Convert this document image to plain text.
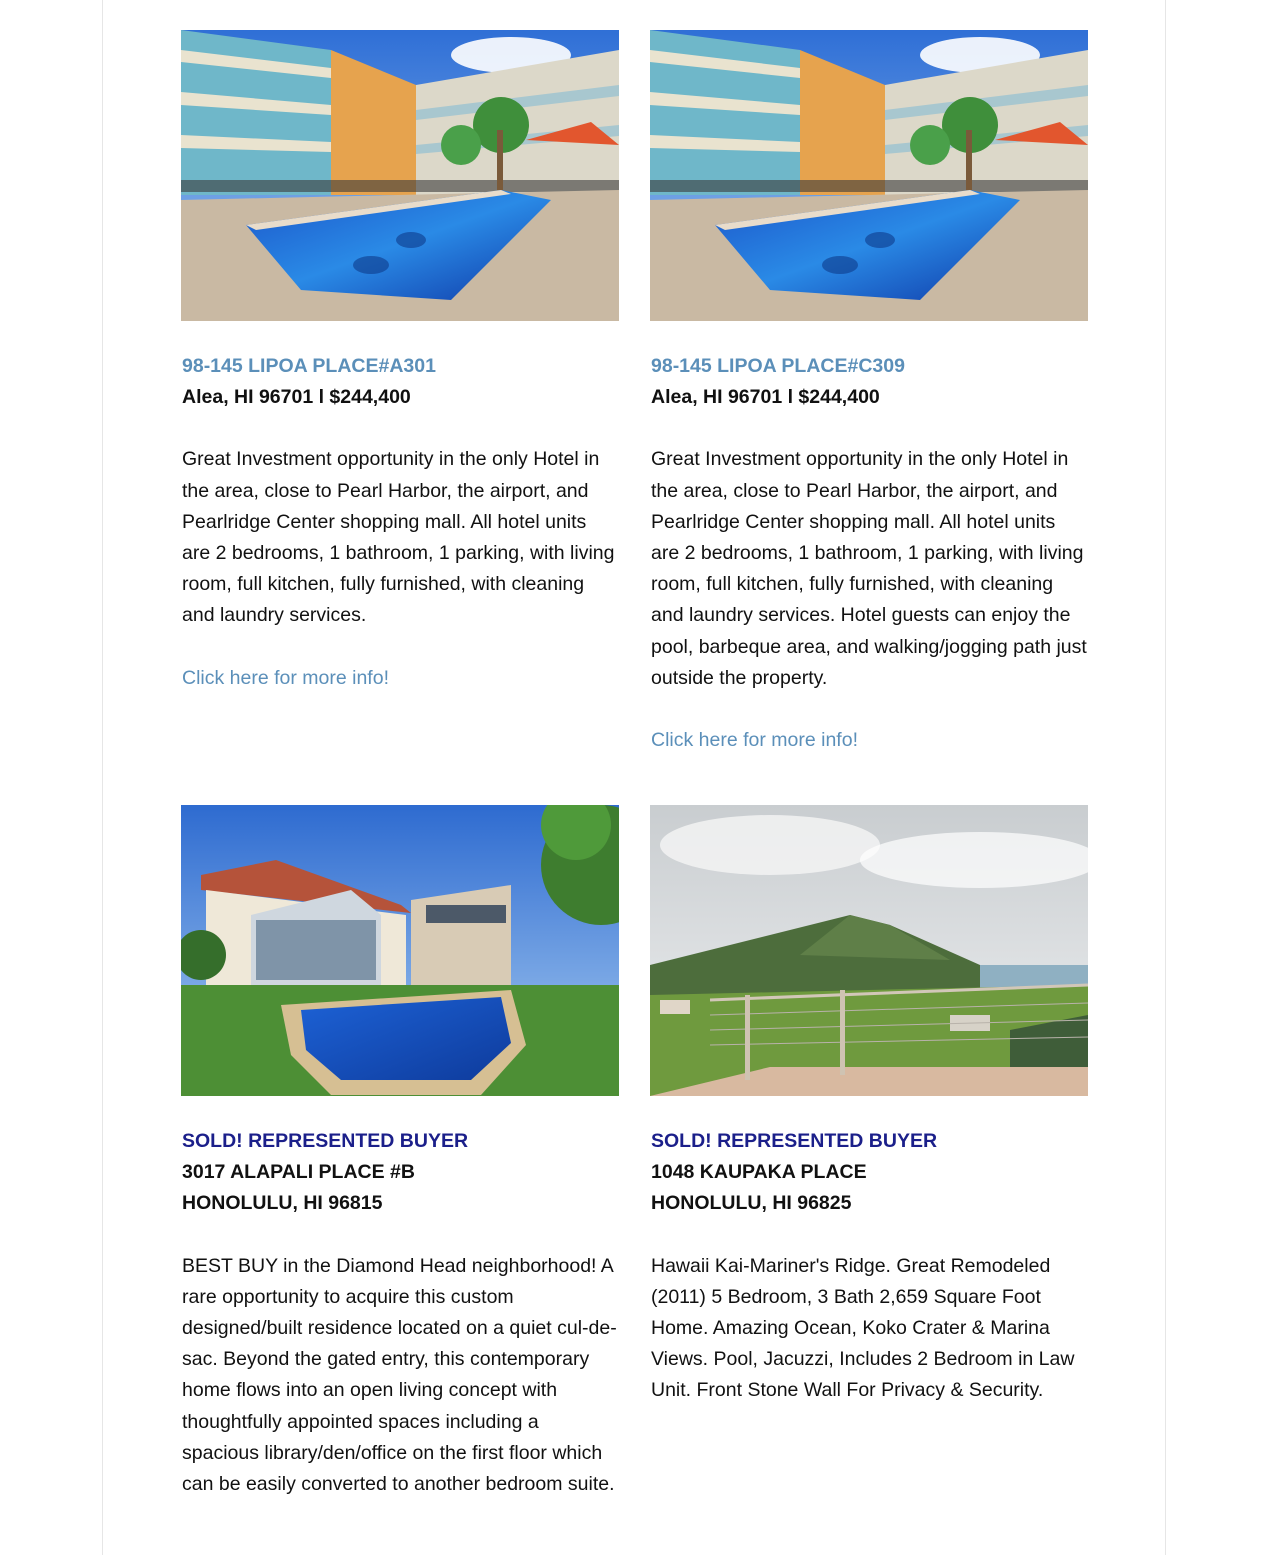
98-145 LIPOA PLACE#A301
Alea, HI 96701 l $244,400
Great Investment opportunity in the only Hotel in the area, close to Pearl Harbor, the airport, and Pearlridge Center shopping mall. All hotel units are 2 bedrooms, 1 bathroom, 1 parking, with living room, full kitchen, fully furnished, with cleaning and laundry services.
Click here for more info!
98-145 LIPOA PLACE#C309
Alea, HI 96701 l $244,400
Great Investment opportunity in the only Hotel in the area, close to Pearl Harbor, the airport, and Pearlridge Center shopping mall. All hotel units are 2 bedrooms, 1 bathroom, 1 parking, with living room, full kitchen, fully furnished, with cleaning and laundry services. Hotel guests can enjoy the pool, barbeque area, and walking/jogging path just outside the property.
Click here for more info!
SOLD! REPRESENTED BUYER
3017 ALAPALI PLACE #B
HONOLULU, HI 96815
BEST BUY in the Diamond Head neighborhood! A rare opportunity to acquire this custom designed/built residence located on a quiet cul-de-sac. Beyond the gated entry, this contemporary home flows into an open living concept with thoughtfully appointed spaces including a spacious library/den/office on the first floor which can be easily converted to another bedroom suite.
SOLD! REPRESENTED BUYER
1048 KAUPAKA PLACE
HONOLULU, HI 96825
Hawaii Kai-Mariner's Ridge. Great Remodeled (2011) 5 Bedroom, 3 Bath 2,659 Square Foot Home. Amazing Ocean, Koko Crater & Marina Views. Pool, Jacuzzi, Includes 2 Bedroom in Law Unit. Front Stone Wall For Privacy & Security.
